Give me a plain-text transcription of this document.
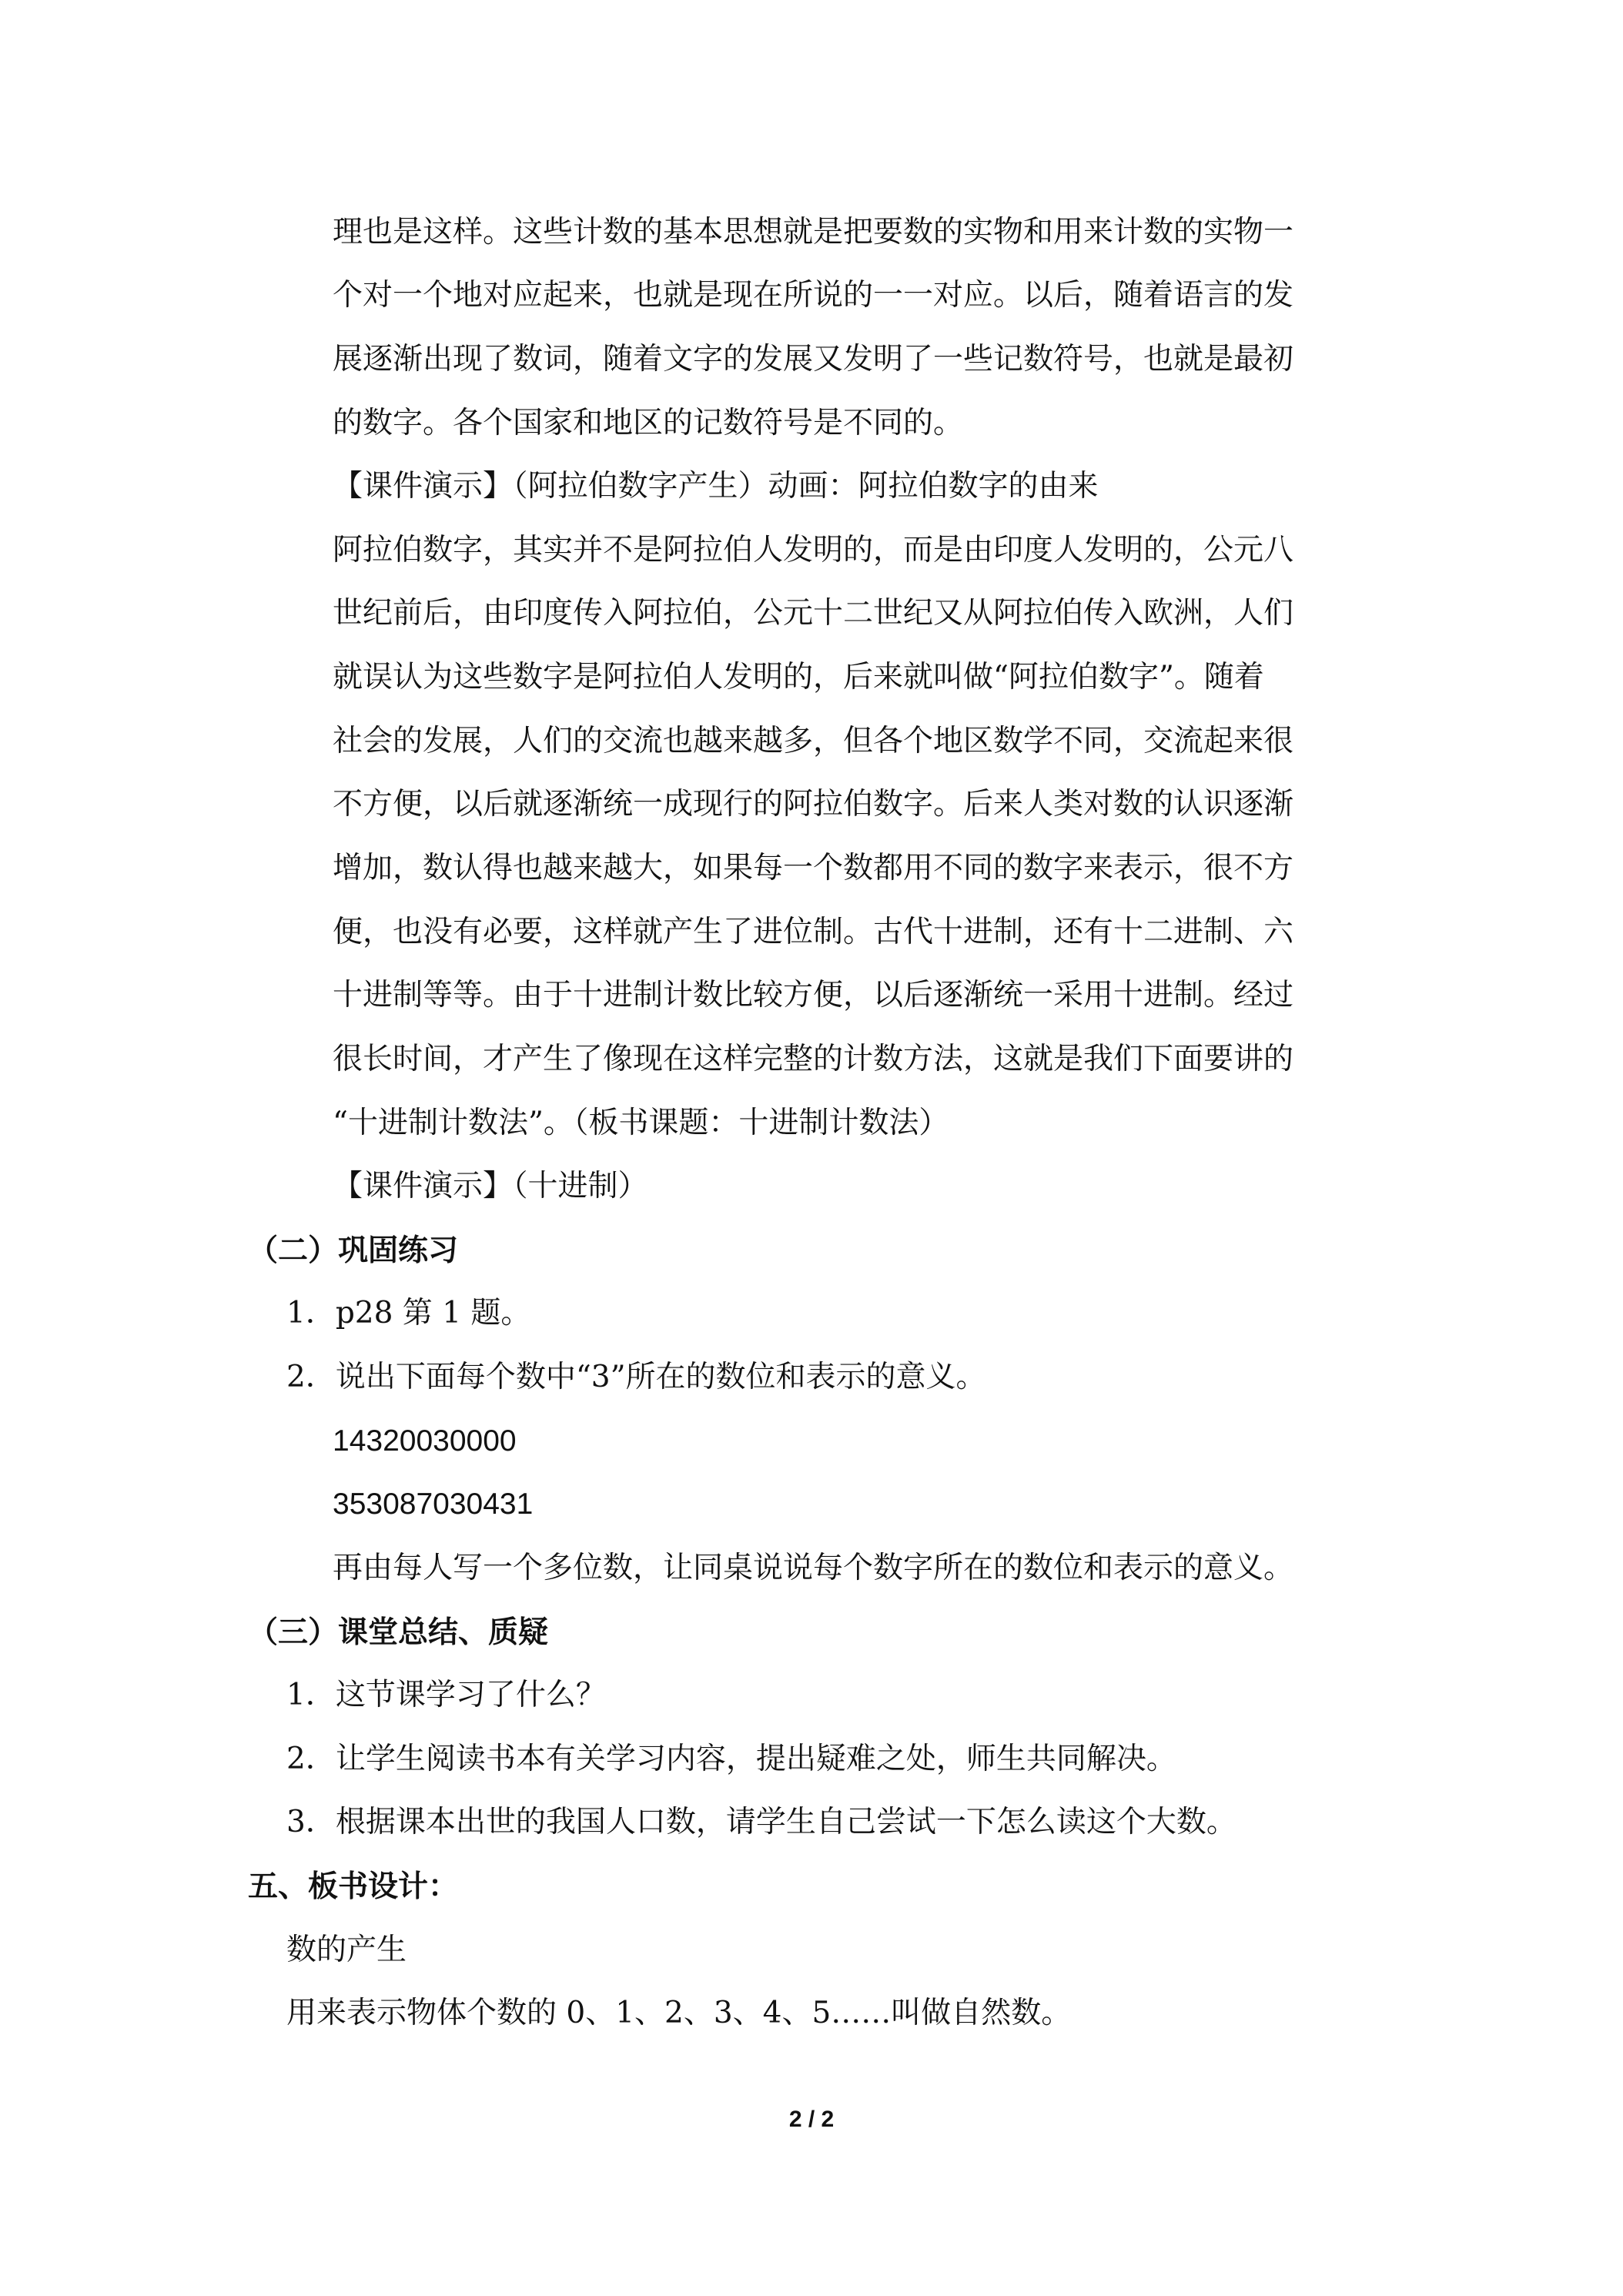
理也是这样。这些计数的基本思想就是把要数的实物和用来计数的实物一
个对一个地对应起来，也就是现在所说的一一对应。以后，随着语言的发
展逐渐出现了数词，随着文字的发展又发明了一些记数符号，也就是最初
的数字。各个国家和地区的记数符号是不同的。
【课件演示】（阿拉伯数字产生）动画：阿拉伯数字的由来
阿拉伯数字，其实并不是阿拉伯人发明的，而是由印度人发明的，公元八
世纪前后，由印度传入阿拉伯，公元十二世纪又从阿拉伯传入欧洲，人们
就误认为这些数字是阿拉伯人发明的，后来就叫做“阿拉伯数字”。随着
社会的发展，人们的交流也越来越多，但各个地区数学不同，交流起来很
不方便，以后就逐渐统一成现行的阿拉伯数字。后来人类对数的认识逐渐
增加，数认得也越来越大，如果每一个数都用不同的数字来表示，很不方
便，也没有必要，这样就产生了进位制。古代十进制，还有十二进制、六
十进制等等。由于十进制计数比较方便，以后逐渐统一采用十进制。经过
很长时间，才产生了像现在这样完整的计数方法，这就是我们下面要讲的
“十进制计数法”。（板书课题：十进制计数法）
【课件演示】（十进制）
（二）巩固练习
1．p28 第 1 题。
2．说出下面每个数中“3”所在的数位和表示的意义。
14320030000
353087030431
再由每人写一个多位数，让同桌说说每个数字所在的数位和表示的意义。
（三）课堂总结、质疑
1．这节课学习了什么？
2．让学生阅读书本有关学习内容，提出疑难之处，师生共同解决。
3．根据课本出世的我国人口数，请学生自己尝试一下怎么读这个大数。
五、板书设计：
数的产生
用来表示物体个数的 0、1、2、3、4、5……叫做自然数。
2 / 2
